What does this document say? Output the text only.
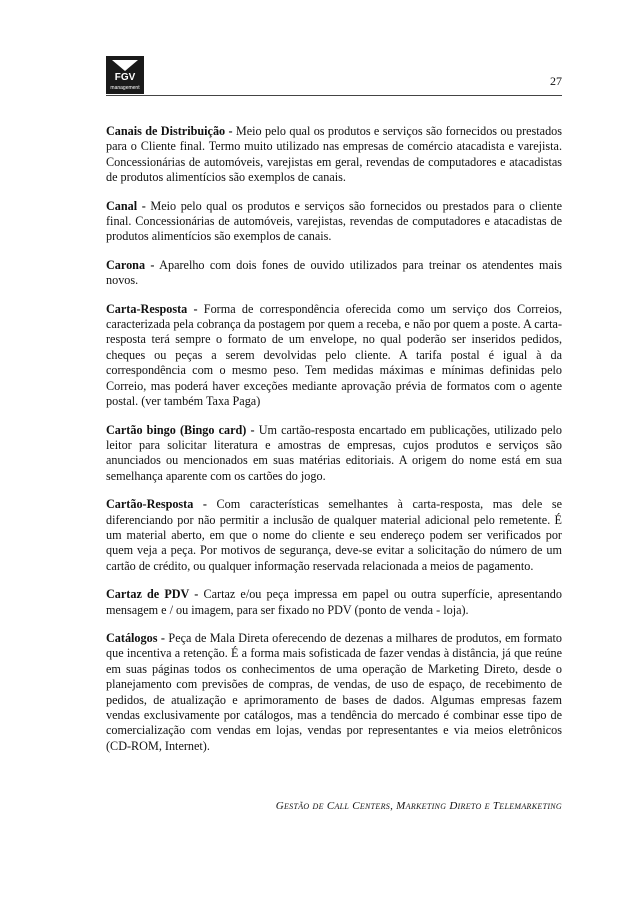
FGV
management	27

Canais de Distribuição - Meio pelo qual os produtos e serviços são fornecidos ou prestados para o Cliente final. Termo muito utilizado nas empresas de comércio atacadista e varejista. Concessionárias de automóveis, varejistas em geral, revendas de computadores e atacadistas de produtos alimentícios são exemplos de canais.

Canal - Meio pelo qual os produtos e serviços são fornecidos ou prestados para o cliente final. Concessionárias de automóveis, varejistas, revendas de computadores e atacadistas de produtos alimentícios são exemplos de canais.

Carona - Aparelho com dois fones de ouvido utilizados para treinar os atendentes mais novos.

Carta-Resposta - Forma de correspondência oferecida como um serviço dos Correios, caracterizada pela cobrança da postagem por quem a receba, e não por quem a poste. A carta-resposta terá sempre o formato de um envelope, no qual poderão ser inseridos pedidos, cheques ou peças a serem devolvidas pelo cliente. A tarifa postal é igual à da correspondência com o mesmo peso. Tem medidas máximas e mínimas definidas pelo Correio, mas poderá haver exceções mediante aprovação prévia de formatos com o agente postal. (ver também Taxa Paga)

Cartão bingo (Bingo card) - Um cartão-resposta encartado em publicações, utilizado pelo leitor para solicitar literatura e amostras de empresas, cujos produtos e serviços são anunciados ou mencionados em suas matérias editoriais. A origem do nome está em sua semelhança aparente com os cartões do jogo.

Cartão-Resposta - Com características semelhantes à carta-resposta, mas dele se diferenciando por não permitir a inclusão de qualquer material adicional pelo remetente. É um material aberto, em que o nome do cliente e seu endereço podem ser verificados por quem veja a peça. Por motivos de segurança, deve-se evitar a solicitação do número de um cartão de crédito, ou qualquer informação reservada relacionada a meios de pagamento.

Cartaz de PDV - Cartaz e/ou peça impressa em papel ou outra superfície, apresentando mensagem e / ou imagem, para ser fixado no PDV (ponto de venda - loja).

Catálogos - Peça de Mala Direta oferecendo de dezenas a milhares de produtos, em formato que incentiva a retenção. É a forma mais sofisticada de fazer vendas à distância, já que reúne em suas páginas todos os conhecimentos de uma operação de Marketing Direto, desde o planejamento com previsões de compras, de vendas, de uso de espaço, de recebimento de pedidos, de atualização e aprimoramento de bases de dados. Algumas empresas fazem vendas exclusivamente por catálogos, mas a tendência do mercado é combinar esse tipo de comercialização com vendas em lojas, vendas por representantes e via meios eletrônicos (CD-ROM, Internet).

Gestão de Call Centers, Marketing Direto e Telemarketing
